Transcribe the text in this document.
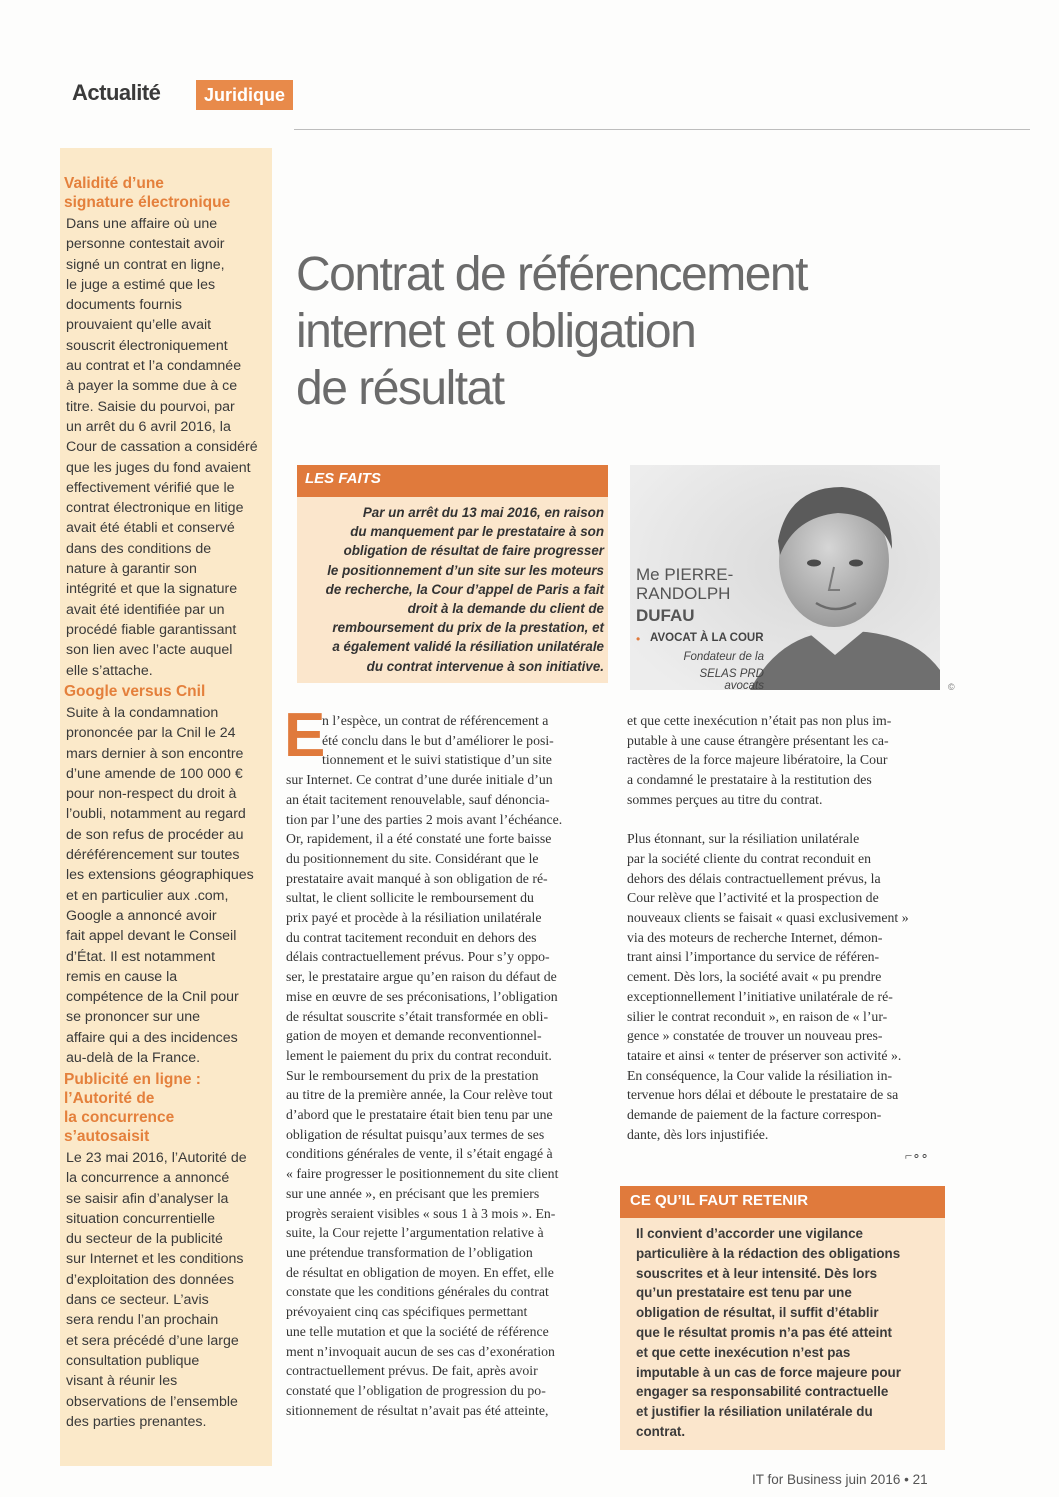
Actualité	Juridique
Validité d’une
signature électronique
Dans une affaire où une
personne contestait avoir
signé un contrat en ligne,
le juge a estimé que les
documents fournis
prouvaient qu’elle avait
souscrit électroniquement
au contrat et l’a condamnée
à payer la somme due à ce
titre. Saisie du pourvoi, par
un arrêt du 6 avril 2016, la
Cour de cassation a considéré
que les juges du fond avaient
effectivement vérifié que le
contrat électronique en litige
avait été établi et conservé
dans des conditions de
nature à garantir son
intégrité et que la signature
avait été identifiée par un
procédé fiable garantissant
son lien avec l’acte auquel
elle s’attache.
Google versus Cnil
Suite à la condamnation
prononcée par la Cnil le 24
mars dernier à son encontre
d’une amende de 100 000 €
pour non-respect du droit à
l’oubli, notamment au regard
de son refus de procéder au
déréférencement sur toutes
les extensions géographiques
et en particulier aux .com,
Google a annoncé avoir
fait appel devant le Conseil
d’État. Il est notamment
remis en cause la
compétence de la Cnil pour
se prononcer sur une
affaire qui a des incidences
au-delà de la France.
Publicité en ligne :
l’Autorité de
la concurrence
s’autosaisit
Le 23 mai 2016, l’Autorité de
la concurrence a annoncé
se saisir afin d’analyser la
situation concurrentielle
du secteur de la publicité
sur Internet et les conditions
d’exploitation des données
dans ce secteur. L’avis
sera rendu l’an prochain
et sera précédé d’une large
consultation publique
visant à réunir les
observations de l’ensemble
des parties prenantes.
Contrat de référencement
internet et obligation
de résultat
LES FAITS
Par un arrêt du 13 mai 2016, en raison
du manquement par le prestataire à son
obligation de résultat de faire progresser
le positionnement d’un site sur les moteurs
de recherche, la Cour d’appel de Paris a fait
droit à la demande du client de
remboursement du prix de la prestation, et
a également validé la résiliation unilatérale
du contrat intervenue à son initiative.
Me PIERRE-
RANDOLPH
DUFAU
• AVOCAT À LA COUR
Fondateur de la
SELAS PRD avocats	©
E
n l’espèce, un contrat de référencement a
été conclu dans le but d’améliorer le posi-
tionnement et le suivi statistique d’un site
sur Internet. Ce contrat d’une durée initiale d’un
an était tacitement renouvelable, sauf dénoncia-
tion par l’une des parties 2 mois avant l’échéance.
Or, rapidement, il a été constaté une forte baisse
du positionnement du site. Considérant que le
prestataire avait manqué à son obligation de ré-
sultat, le client sollicite le remboursement du
prix payé et procède à la résiliation unilatérale
du contrat tacitement reconduit en dehors des
délais contractuellement prévus. Pour s’y oppo-
ser, le prestataire argue qu’en raison du défaut de
mise en œuvre de ses préconisations, l’obligation
de résultat souscrite s’était transformée en obli-
gation de moyen et demande reconventionnel-
lement le paiement du prix du contrat reconduit.
Sur le remboursement du prix de la prestation
au titre de la première année, la Cour relève tout
d’abord que le prestataire était bien tenu par une
obligation de résultat puisqu’aux termes de ses
conditions générales de vente, il s’était engagé à
« faire progresser le positionnement du site client
sur une année », en précisant que les premiers
progrès seraient visibles « sous 1 à 3 mois ». En-
suite, la Cour rejette l’argumentation relative à
une prétendue transformation de l’obligation
de résultat en obligation de moyen. En effet, elle
constate que les conditions générales du contrat
prévoyaient cinq cas spécifiques permettant
une telle mutation et que la société de référence
ment n’invoquait aucun de ses cas d’exonération
contractuellement prévus. De fait, après avoir
constaté que l’obligation de progression du po-
sitionnement de résultat n’avait pas été atteinte,
et que cette inexécution n’était pas non plus im-
putable à une cause étrangère présentant les ca-
ractères de la force majeure libératoire, la Cour
a condamné le prestataire à la restitution des
sommes perçues au titre du contrat.
Plus étonnant, sur la résiliation unilatérale
par la société cliente du contrat reconduit en
dehors des délais contractuellement prévus, la
Cour relève que l’activité et la prospection de
nouveaux clients se faisait « quasi exclusivement »
via des moteurs de recherche Internet, démon-
trant ainsi l’importance du service de référen-
cement. Dès lors, la société avait « pu prendre
exceptionnellement l’initiative unilatérale de ré-
silier le contrat reconduit », en raison de « l’ur-
gence » constatée de trouver un nouveau pres-
tataire et ainsi « tenter de préserver son activité ».
En conséquence, la Cour valide la résiliation in-
tervenue hors délai et déboute le prestataire de sa
demande de paiement de la facture correspon-
dante, dès lors injustifiée.
⌐∘∘
CE QU’IL FAUT RETENIR
Il convient d’accorder une vigilance
particulière à la rédaction des obligations
souscrites et à leur intensité. Dès lors
qu’un prestataire est tenu par une
obligation de résultat, il suffit d’établir
que le résultat promis n’a pas été atteint
et que cette inexécution n’est pas
imputable à un cas de force majeure pour
engager sa responsabilité contractuelle
et justifier la résiliation unilatérale du
contrat.
IT for Business juin 2016 • 21
